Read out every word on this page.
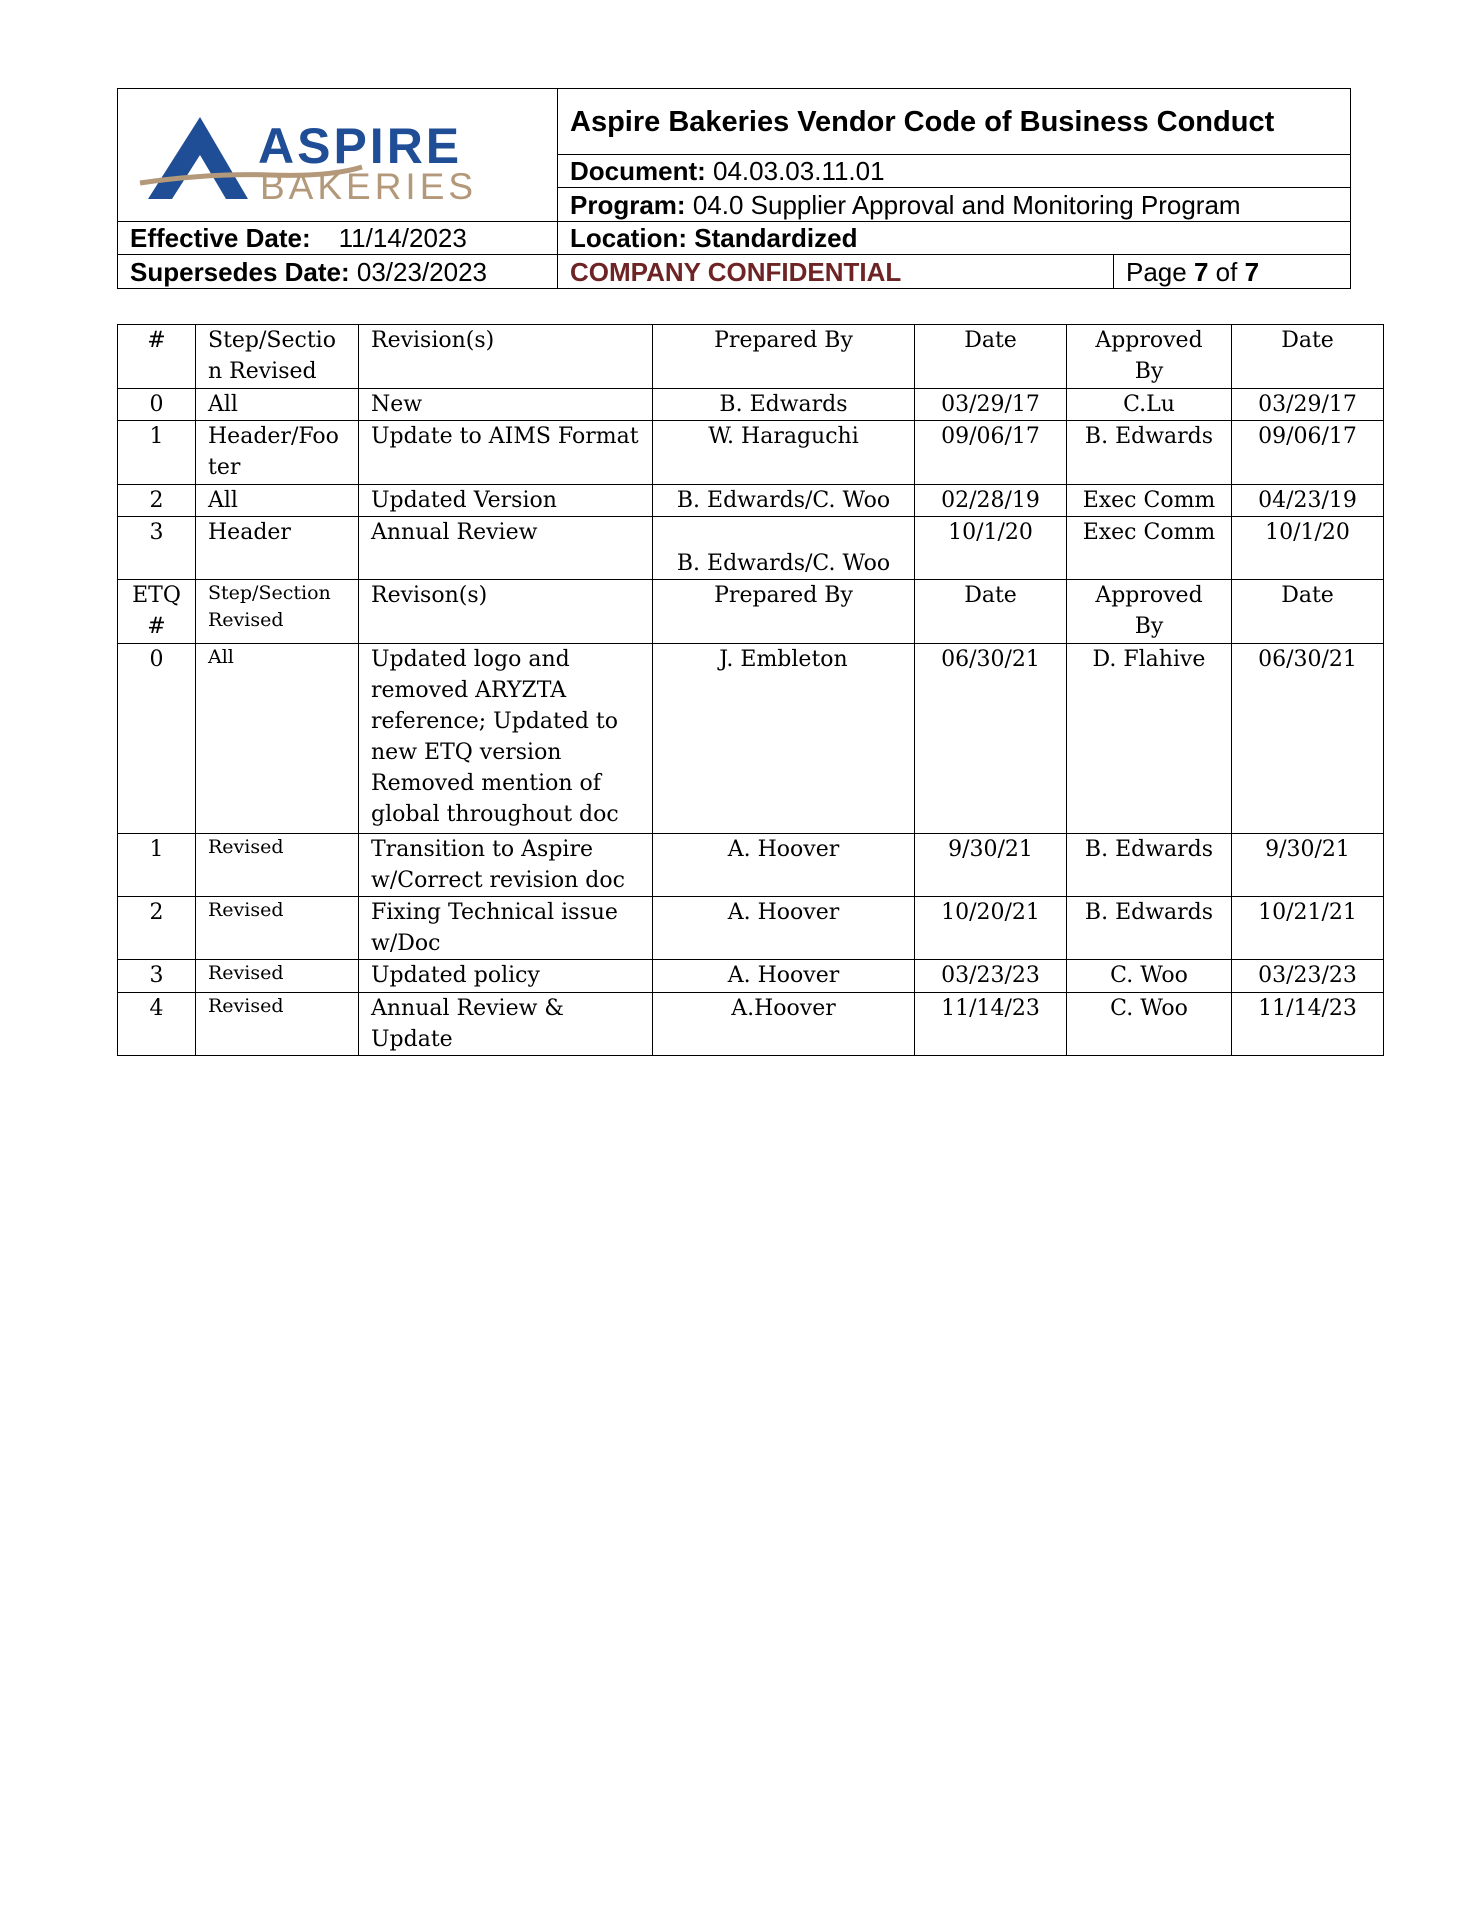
ASPIRE
BAKERIES	Aspire Bakeries Vendor Code of Business Conduct	
	Document: 04.03.03.11.01	
	Program: 04.0 Supplier Approval and Monitoring Program	
Effective Date: 11/14/2023	Location: Standardized	
Supersedes Date: 03/23/2023	COMPANY CONFIDENTIAL	Page 7 of 7
#	Step/Section Revised	Revision(s)	Prepared By	Date	Approved By	Date
0	All	New	B. Edwards	03/29/17	C.Lu	03/29/17
1	Header/Footer	Update to AIMS Format	W. Haraguchi	09/06/17	B. Edwards	09/06/17
2	All	Updated Version	B. Edwards/C. Woo	02/28/19	Exec Comm	04/23/19
3	Header	Annual Review	B. Edwards/C. Woo	10/1/20	Exec Comm	10/1/20
ETQ #	Step/Section Revised	Revison(s)	Prepared By	Date	Approved By	Date
0	All	Updated logo and removed ARYZTA reference; Updated to new ETQ version Removed mention of global throughout doc	J. Embleton	06/30/21	D. Flahive	06/30/21
1	Revised	Transition to Aspire w/Correct revision doc	A. Hoover	9/30/21	B. Edwards	9/30/21
2	Revised	Fixing Technical issue w/Doc	A. Hoover	10/20/21	B. Edwards	10/21/21
3	Revised	Updated policy	A. Hoover	03/23/23	C. Woo	03/23/23
4	Revised	Annual Review & Update	A.Hoover	11/14/23	C. Woo	11/14/23
